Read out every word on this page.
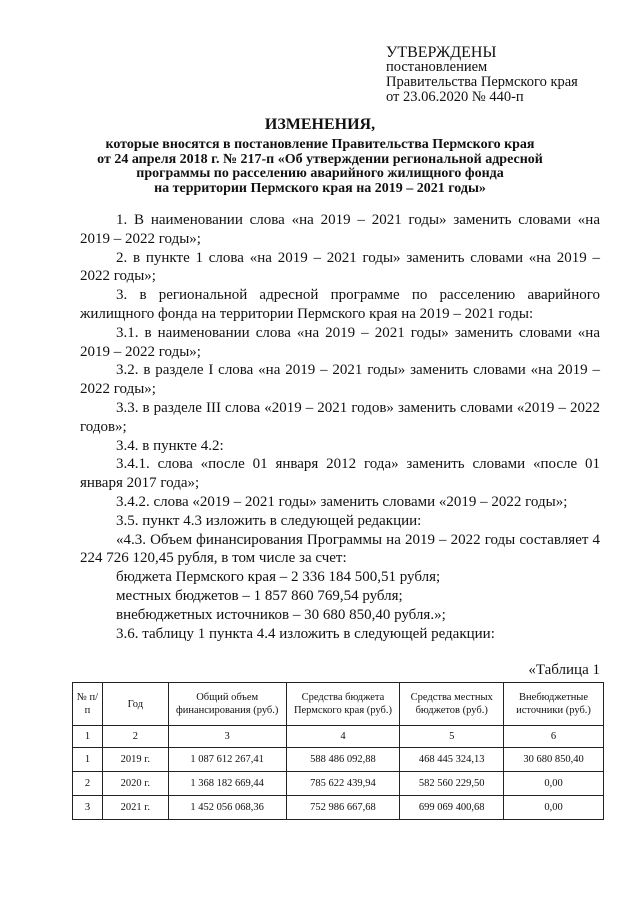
УТВЕРЖДЕНЫ
постановлением
Правительства Пермского края
от 23.06.2020 № 440-п
ИЗМЕНЕНИЯ,
которые вносятся в постановление Правительства Пермского края
от 24 апреля 2018 г. № 217-п «Об утверждении региональной адресной
программы по расселению аварийного жилищного фонда
на территории Пермского края на 2019 – 2021 годы»

1. В наименовании слова «на 2019 – 2021 годы» заменить словами «на 2019 – 2022 годы»;

2. в пункте 1 слова «на 2019 – 2021 годы» заменить словами «на 2019 – 2022 годы»;

3. в региональной адресной программе по расселению аварийного жилищного фонда на территории Пермского края на 2019 – 2021 годы:

3.1. в наименовании слова «на 2019 – 2021 годы» заменить словами «на 2019 – 2022 годы»;

3.2. в разделе I слова «на 2019 – 2021 годы» заменить словами «на 2019 – 2022 годы»;

3.3. в разделе III слова «2019 – 2021 годов» заменить словами «2019 – 2022 годов»;

3.4. в пункте 4.2:

3.4.1. слова «после 01 января 2012 года» заменить словами «после 01 января 2017 года»;

3.4.2. слова «2019 – 2021 годы» заменить словами «2019 – 2022 годы»;

3.5. пункт 4.3 изложить в следующей редакции:

«4.3. Объем финансирования Программы на 2019 – 2022 годы составляет 4 224 726 120,45 рубля, в том числе за счет:

бюджета Пермского края – 2 336 184 500,51 рубля;

местных бюджетов – 1 857 860 769,54 рубля;

внебюджетных источников – 30 680 850,40 рубля.»;

3.6. таблицу 1 пункта 4.4 изложить в следующей редакции:

«Таблица 1
№ п/п	Год	Общий объем финансирования (руб.)	Средства бюджета Пермского края (руб.)	Средства местных бюджетов (руб.)	Внебюджетные источники (руб.)
1	2	3	4	5	6
1	2019 г.	1 087 612 267,41	588 486 092,88	468 445 324,13	30 680 850,40
2	2020 г.	1 368 182 669,44	785 622 439,94	582 560 229,50	0,00
3	2021 г.	1 452 056 068,36	752 986 667,68	699 069 400,68	0,00
